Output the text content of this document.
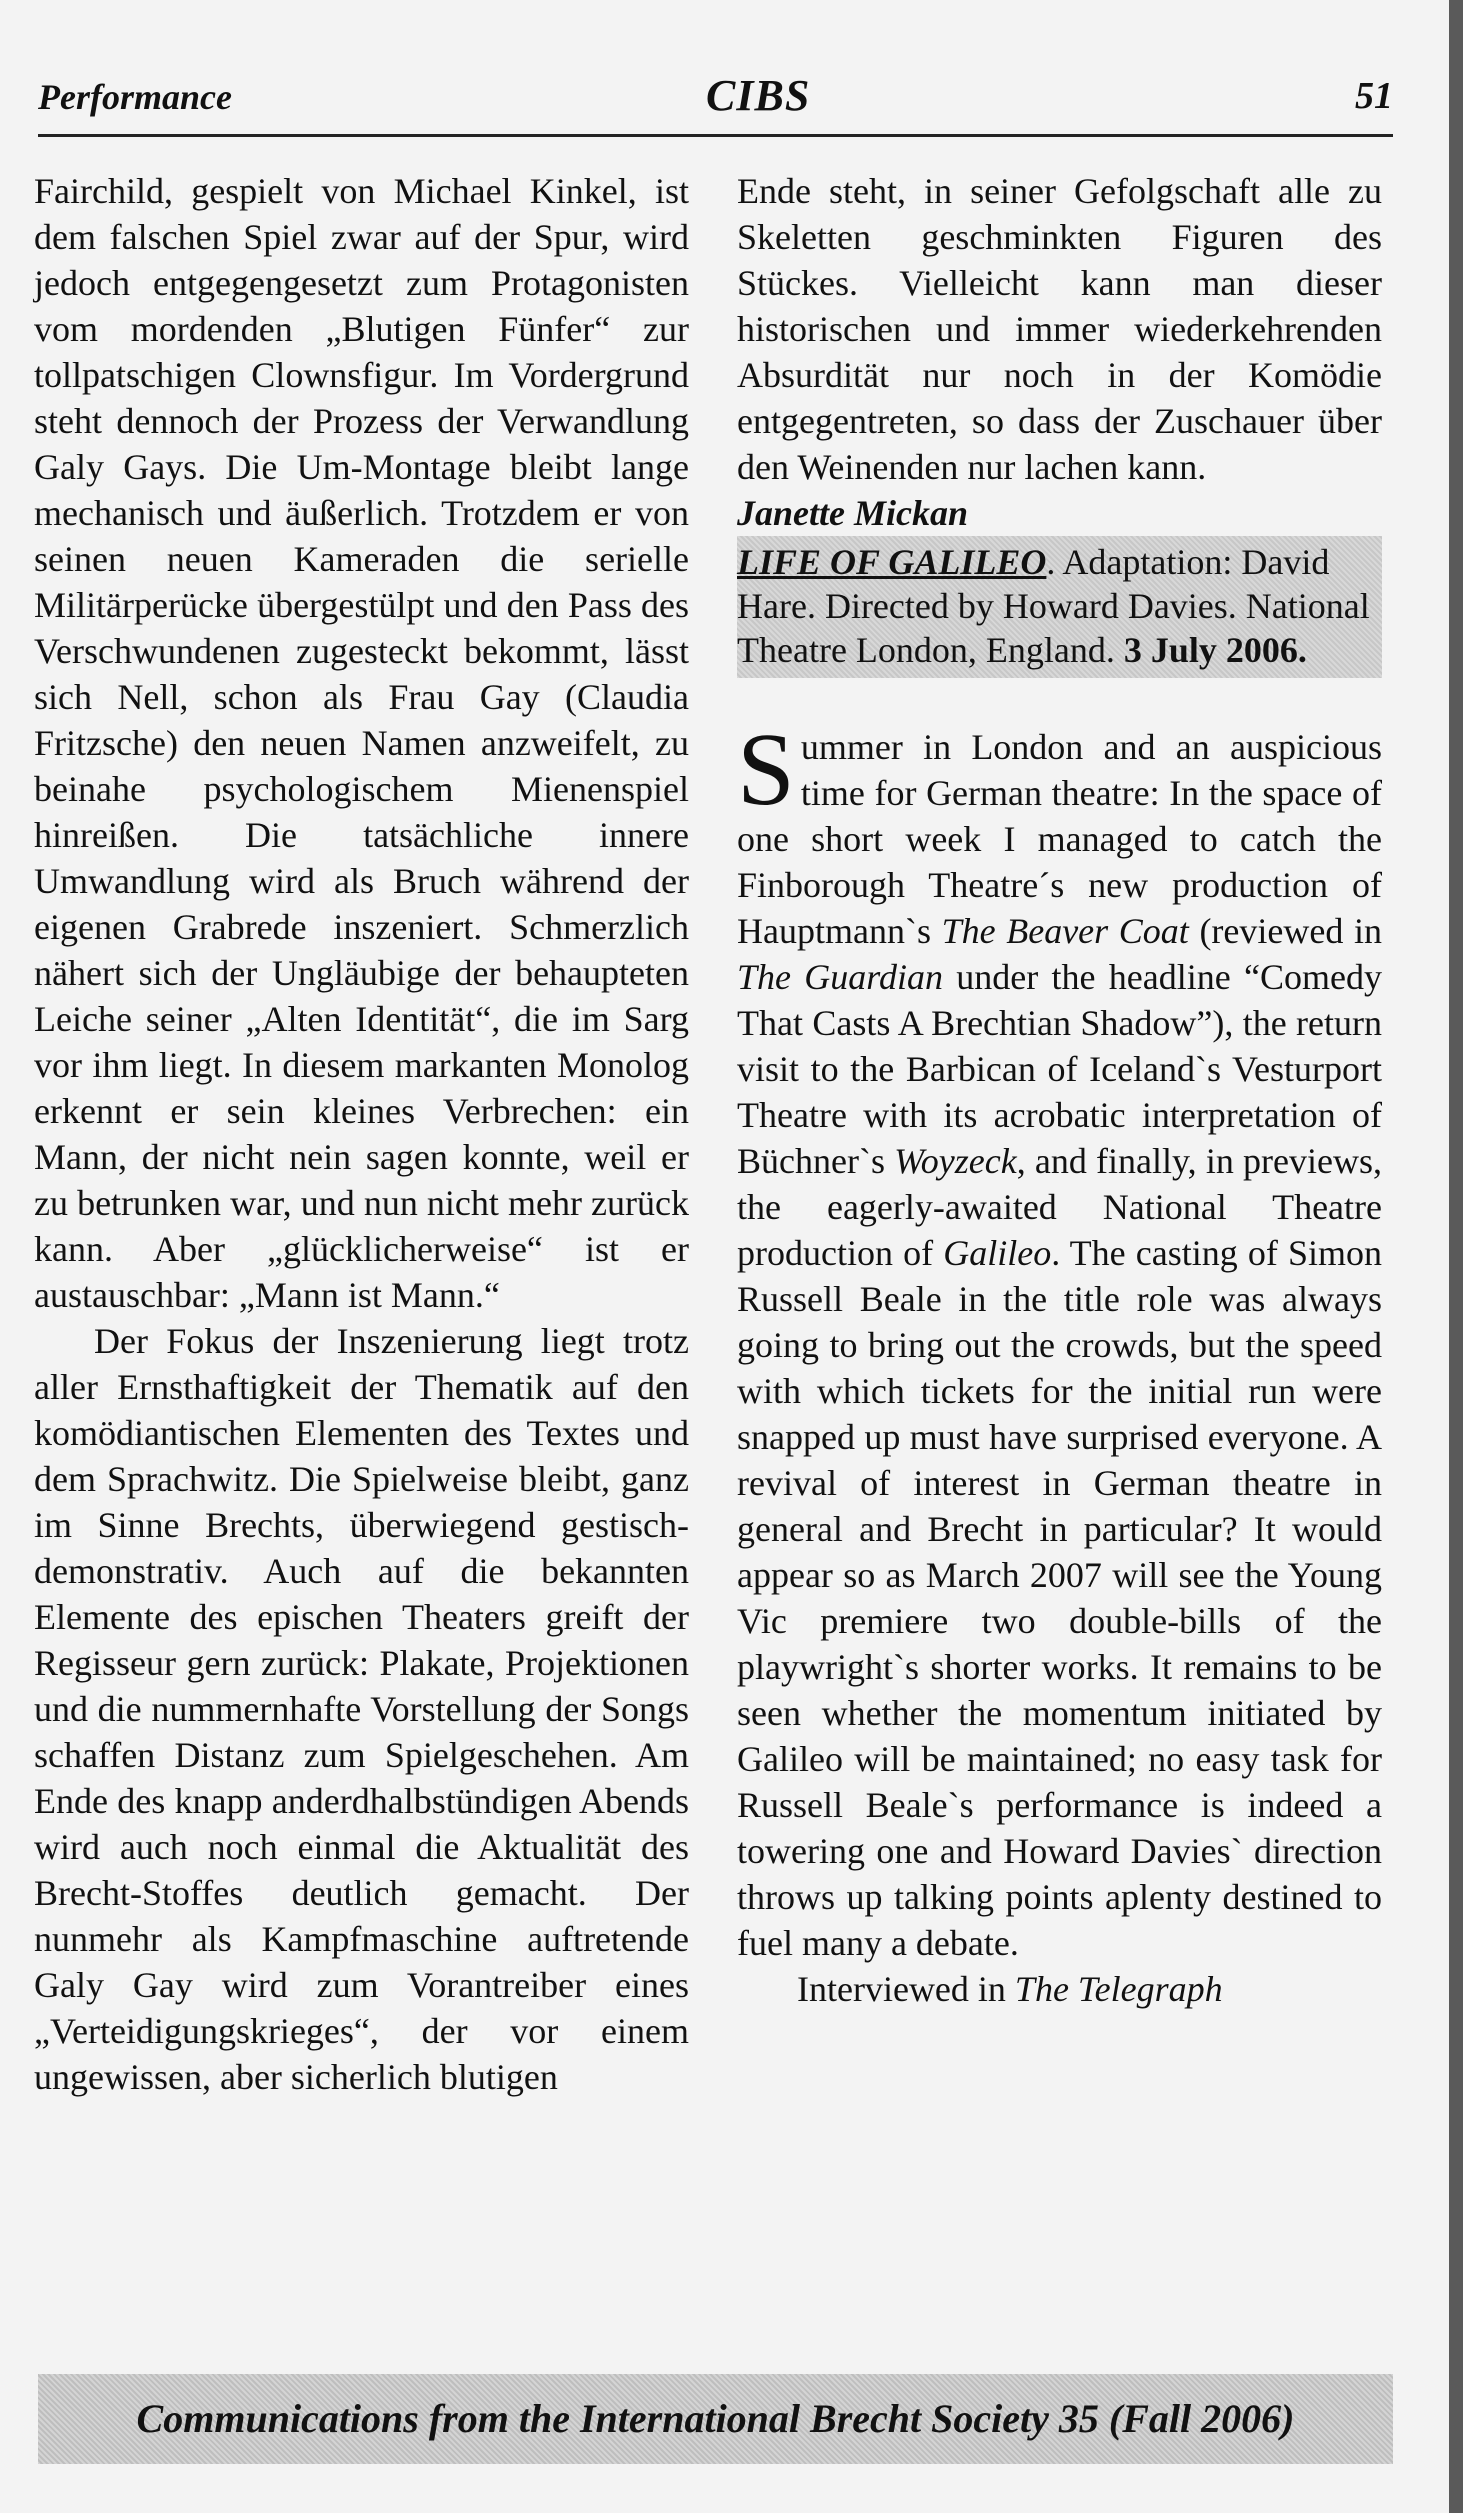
Performance	CIBS	51

Fairchild, gespielt von Michael Kinkel, ist dem falschen Spiel zwar auf der Spur, wird jedoch entgegengesetzt zum Protagonisten vom mordenden „Blutigen Fünfer“ zur tollpatschigen Clownsfigur. Im Vordergrund steht dennoch der Prozess der Verwandlung Galy Gays. Die Um-Montage bleibt lange mechanisch und äußerlich. Trotzdem er von seinen neuen Kameraden die serielle Militärperücke übergestülpt und den Pass des Verschwundenen zugesteckt bekommt, lässt sich Nell, schon als Frau Gay (Claudia Fritzsche) den neuen Namen anzweifelt, zu beinahe psychologischem Mienenspiel hinreißen. Die tatsächliche innere Umwandlung wird als Bruch während der eigenen Grabrede inszeniert. Schmerzlich nähert sich der Ungläubige der behaupteten Leiche seiner „Alten Identität“, die im Sarg vor ihm liegt. In diesem markanten Monolog erkennt er sein kleines Verbrechen: ein Mann, der nicht nein sagen konnte, weil er zu betrunken war, und nun nicht mehr zurück kann. Aber „glücklicherweise“ ist er austauschbar: „Mann ist Mann.“

Der Fokus der Inszenierung liegt trotz aller Ernsthaftigkeit der Thematik auf den komödiantischen Elementen des Textes und dem Sprachwitz. Die Spielweise bleibt, ganz im Sinne Brechts, überwiegend gestisch-demonstrativ. Auch auf die bekannten Elemente des epischen Theaters greift der Regisseur gern zurück: Plakate, Projektionen und die nummernhafte Vorstellung der Songs schaffen Distanz zum Spielgeschehen. Am Ende des knapp anderdhalbstündigen Abends wird auch noch einmal die Aktualität des Brecht-Stoffes deutlich gemacht. Der nunmehr als Kampfmaschine auftretende Galy Gay wird zum Vorantreiber eines „Verteidigungskrieges“, der vor einem ungewissen, aber sicherlich blutigen

Ende steht, in seiner Gefolgschaft alle zu Skeletten geschminkten Figuren des Stückes. Vielleicht kann man dieser historischen und immer wiederkehrenden Absurdität nur noch in der Komödie entgegentreten, so dass der Zuschauer über den Weinenden nur lachen kann.

Janette Mickan

LIFE OF GALILEO. Adaptation: David Hare. Directed by Howard Davies. National Theatre London, England. 3 July 2006.

Summer in London and an auspicious time for German theatre: In the space of one short week I managed to catch the Finborough Theatre´s new production of Hauptmann`s The Beaver Coat (reviewed in The Guardian under the headline “Comedy That Casts A Brechtian Shadow”), the return visit to the Barbican of Iceland`s Vesturport Theatre with its acrobatic interpretation of Büchner`s Woyzeck, and finally, in previews, the eagerly-awaited National Theatre production of Galileo. The casting of Simon Russell Beale in the title role was always going to bring out the crowds, but the speed with which tickets for the initial run were snapped up must have surprised everyone. A revival of interest in German theatre in general and Brecht in particular? It would appear so as March 2007 will see the Young Vic premiere two double-bills of the playwright`s shorter works. It remains to be seen whether the momentum initiated by Galileo will be maintained; no easy task for Russell Beale`s performance is indeed a towering one and Howard Davies` direction throws up talking points aplenty destined to fuel many a debate.

Interviewed in The Telegraph

Communications from the International Brecht Society 35 (Fall 2006)
